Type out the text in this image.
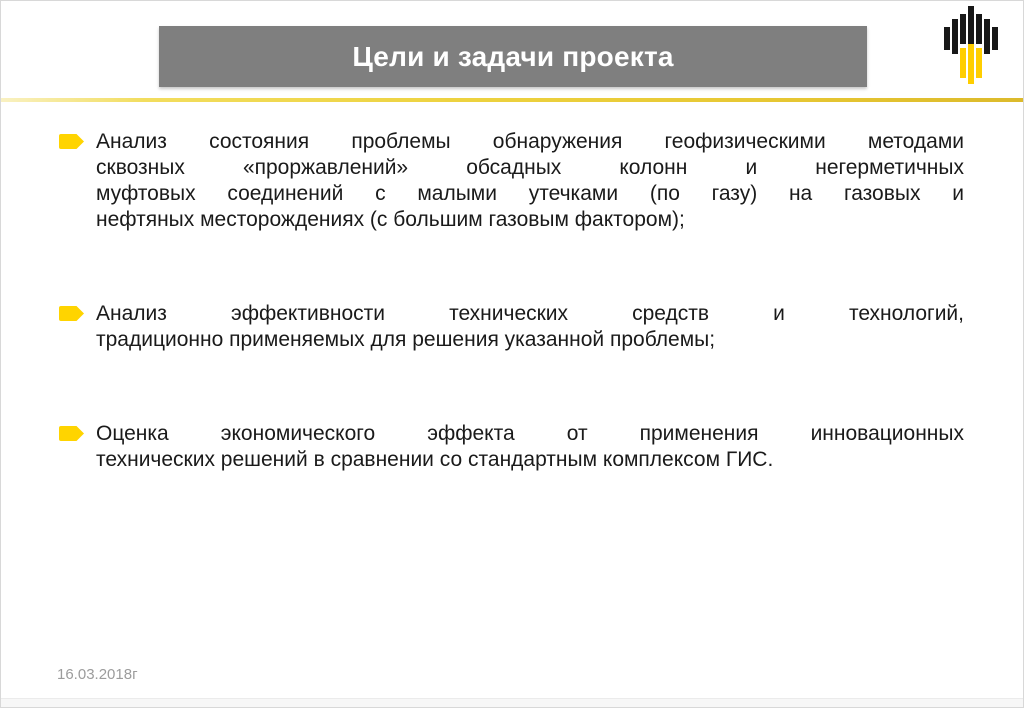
Цели и задачи проекта
Анализ состояния проблемы обнаружения геофизическими методами
сквозных «проржавлений» обсадных колонн и негерметичных
муфтовых соединений с малыми утечками (по газу) на газовых и
нефтяных месторождениях (с большим газовым фактором);
Анализ эффективности технических средств и технологий,
традиционно применяемых для решения указанной проблемы;
Оценка экономического эффекта от применения инновационных
технических решений в сравнении со стандартным комплексом ГИС.
16.03.2018г
